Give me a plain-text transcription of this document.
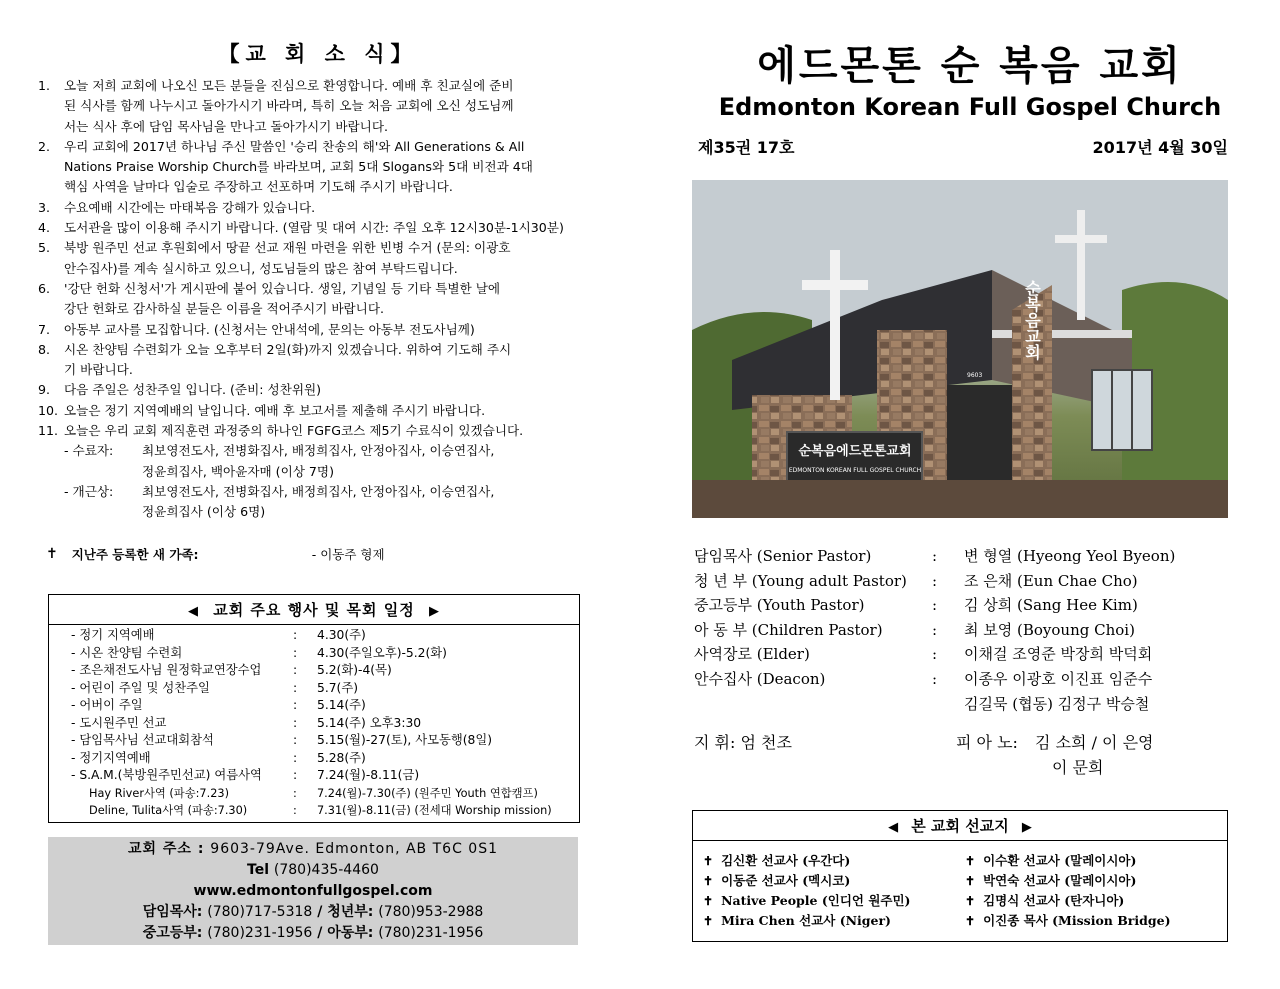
【교 회 소 식】
1.	오늘 저희 교회에 나오신 모든 분들을 진심으로 환영합니다. 예배 후 친교실에 준비
된 식사를 함께 나누시고 돌아가시기 바라며, 특히 오늘 처음 교회에 오신 성도님께
서는 식사 후에 담임 목사님을 만나고 돌아가시기 바랍니다.
2.	우리 교회에 2017년 하나님 주신 말씀인 '승리 찬송의 해'와 All Generations & All
Nations Praise Worship Church를 바라보며, 교회 5대 Slogans와 5대 비전과 4대
핵심 사역을 날마다 입술로 주장하고 선포하며 기도해 주시기 바랍니다.
3.	수요예배 시간에는 마태복음 강해가 있습니다.
4.	도서관을 많이 이용해 주시기 바랍니다. (열람 및 대여 시간: 주일 오후 12시30분-1시30분)
5.	북방 원주민 선교 후원회에서 땅끝 선교 재원 마련을 위한 빈병 수거 (문의: 이광호
안수집사)를 계속 실시하고 있으니, 성도님들의 많은 참여 부탁드립니다.
6.	'강단 헌화 신청서'가 게시판에 붙어 있습니다. 생일, 기념일 등 기타 특별한 날에
강단 헌화로 감사하실 분들은 이름을 적어주시기 바랍니다.
7.	아동부 교사를 모집합니다. (신청서는 안내석에, 문의는 아동부 전도사님께)
8.	시온 찬양팀 수련회가 오늘 오후부터 2일(화)까지 있겠습니다. 위하여 기도해 주시
기 바랍니다.
9.	다음 주일은 성찬주일 입니다. (준비: 성찬위원)
10. 오늘은 정기 지역예배의 날입니다. 예배 후 보고서를 제출해 주시기 바랍니다.
11. 오늘은 우리 교회 제직훈련 과정중의 하나인 FGFG코스 제5기 수료식이 있겠습니다.
- 수료자:	최보영전도사, 전병화집사, 배정희집사, 안정아집사, 이승연집사,
정윤희집사, 백아윤자매 (이상 7명)
- 개근상:	최보영전도사, 전병화집사, 배정희집사, 안정아집사, 이승연집사,
정윤희집사 (이상 6명)
✝ 지난주 등록한 새 가족:	- 이동주 형제
◀ 교회 주요 행사 및 목회 일정 ▶
- 정기 지역예배	:	4.30(주)
- 시온 찬양팀 수련회	:	4.30(주일오후)-5.2(화)
- 조은채전도사님 원정학교연장수업	:	5.2(화)-4(목)
- 어린이 주일 및 성찬주일	:	5.7(주)
- 어버이 주일	:	5.14(주)
- 도시원주민 선교	:	5.14(주) 오후3:30
- 담임목사님 선교대회참석	:	5.15(월)-27(토), 사모동행(8일)
- 정기지역예배	:	5.28(주)
- S.A.M.(북방원주민선교) 여름사역	:	7.24(월)-8.11(금)
Hay River사역 (파송:7.23)	:	7.24(월)-7.30(주) (원주민 Youth 연합캠프)
Deline, Tulita사역 (파송:7.30)	:	7.31(월)-8.11(금) (전세대 Worship mission)
교회 주소 : 9603-79Ave. Edmonton, AB T6C 0S1
Tel (780)435-4460
www.edmontonfullgospel.com
담임목사: (780)717-5318 / 청년부: (780)953-2988
중고등부: (780)231-1956 / 아동부: (780)231-1956
에드몬톤 순 복음 교회
Edmonton Korean Full Gospel Church
제35권 17호	2017년 4월 30일
순복음에드몬톤교회
EDMONTON KOREAN FULL GOSPEL CHURCH
순복음교회
9603
담임목사 (Senior Pastor)	:	변 형열 (Hyeong Yeol Byeon)
청 년 부 (Young adult Pastor)	:	조 은채 (Eun Chae Cho)
중고등부 (Youth Pastor)	:	김 상희 (Sang Hee Kim)
아 동 부 (Children Pastor)	:	최 보영 (Boyoung Choi)
사역장로 (Elder)	:	이채걸 조영준 박장희 박덕회
안수집사 (Deacon)	:	이종우 이광호 이진표 임준수
김길묵 (협동) 김정구 박승철
지 휘: 엄 천조	피 아 노: 김 소희 / 이 은영
이 문희
◀ 본 교회 선교지 ▶
✝ 김신환 선교사 (우간다)
✝ 이동준 선교사 (멕시코)
✝ Native People (인디언 원주민)
✝ Mira Chen 선교사 (Niger)
✝ 이수환 선교사 (말레이시아)
✝ 박연숙 선교사 (말레이시아)
✝ 김명식 선교사 (탄자니아)
✝ 이진종 목사 (Mission Bridge)
